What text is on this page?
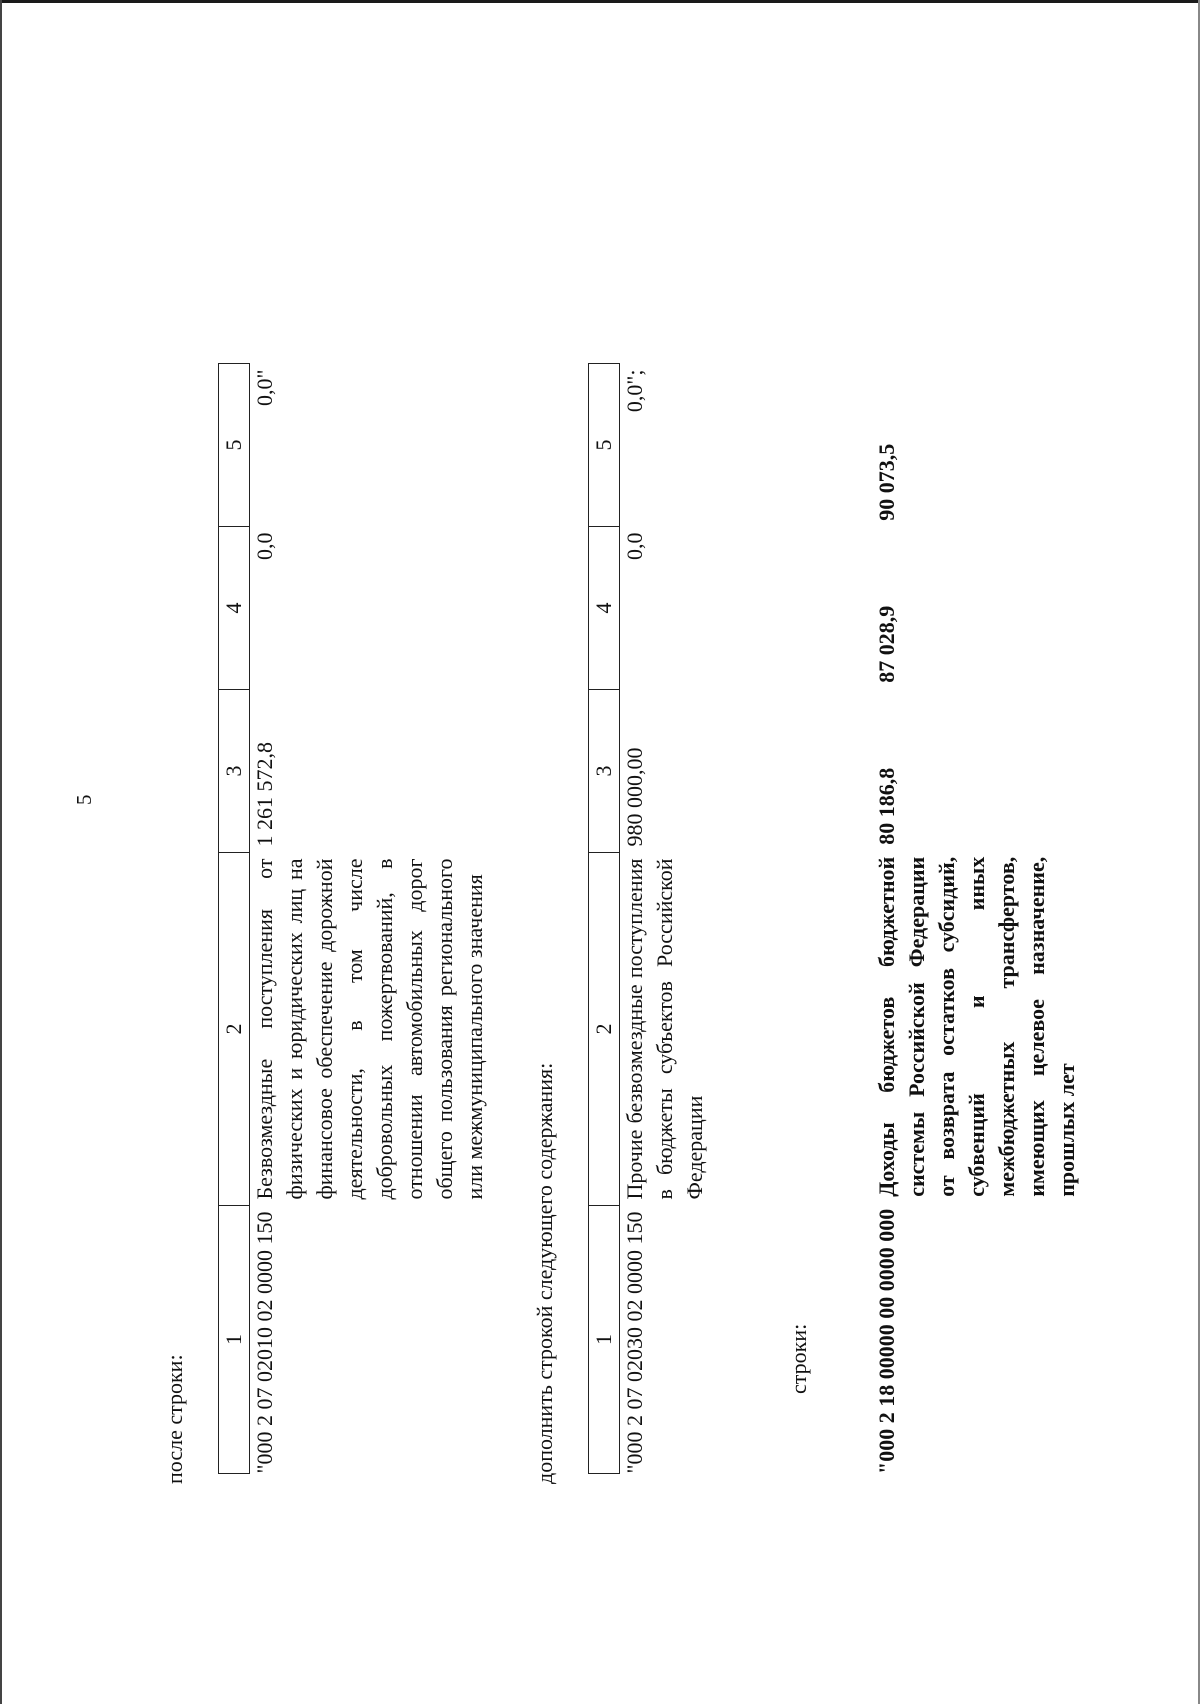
5
после строки:
1	2	3	4	5
"000 2 07 02010 02 0000 150	Безвозмездные поступления от физических и юридических лиц на финансовое обеспечение дорожной деятельности, в том числе добровольных пожертвований, в отношении автомобильных дорог общего пользования регионального или межмуниципального значения	1 261 572,8	0,0	0,0"
дополнить строкой следующего содержания: 1	2	3	4	5
"000 2 07 02030 02 0000 150	Прочие безвозмездные поступления в бюджеты субъектов Российской Федерации	980 000,00	0,0	0,0";
строки:	"000 2 18 00000 00 0000 000	Доходы бюджетов бюджетной системы Российской Федерации от возврата остатков субсидий, субвенций и иных межбюджетных трансфертов, имеющих целевое назначение, прошлых лет	80 186,8	87 028,9	90 073,5
